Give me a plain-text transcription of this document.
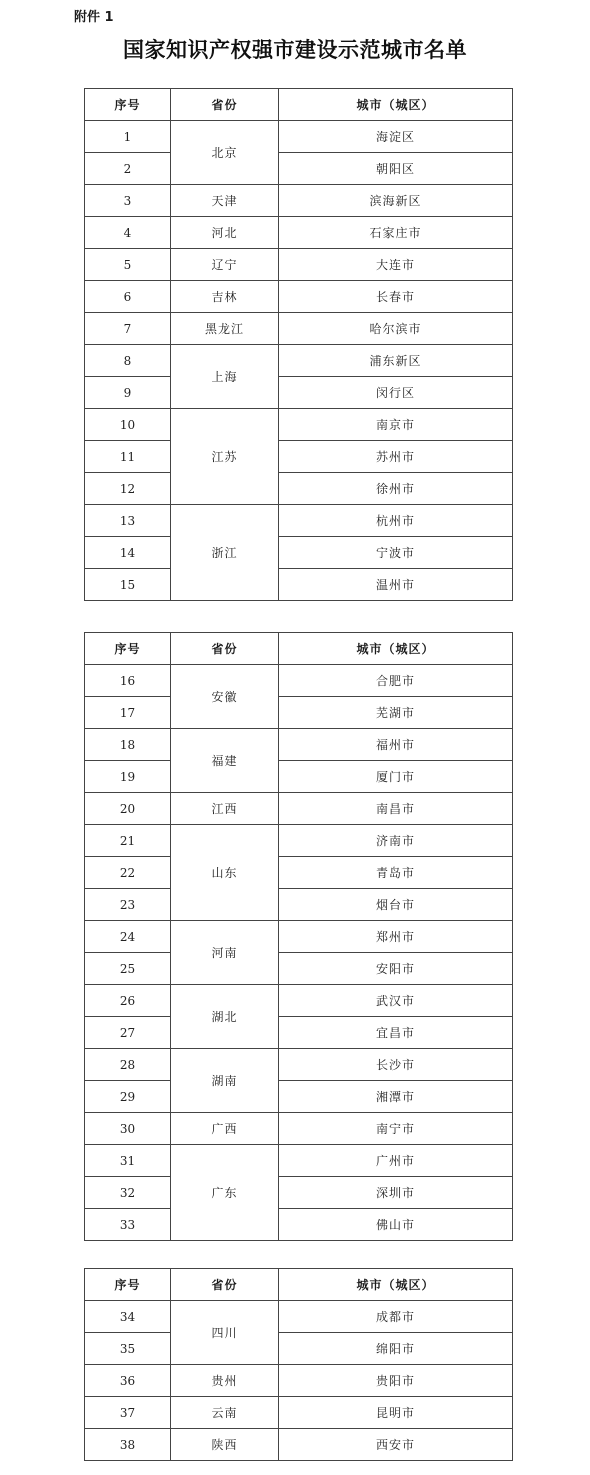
附件 1
国家知识产权强市建设示范城市名单
序号	省份	城市（城区）
1	北京	海淀区
2		朝阳区
3	天津	滨海新区
4	河北	石家庄市
5	辽宁	大连市
6	吉林	长春市
7	黑龙江	哈尔滨市
8	上海	浦东新区
9		闵行区
10	江苏	南京市
11		苏州市
12		徐州市
13	浙江	杭州市
14		宁波市
15		温州市
序号	省份	城市（城区）
16	安徽	合肥市
17		芜湖市
18	福建	福州市
19		厦门市
20	江西	南昌市
21	山东	济南市
22		青岛市
23		烟台市
24	河南	郑州市
25		安阳市
26	湖北	武汉市
27		宜昌市
28	湖南	长沙市
29		湘潭市
30	广西	南宁市
31	广东	广州市
32		深圳市
33		佛山市
序号	省份	城市（城区）
34	四川	成都市
35		绵阳市
36	贵州	贵阳市
37	云南	昆明市
38	陕西	西安市
